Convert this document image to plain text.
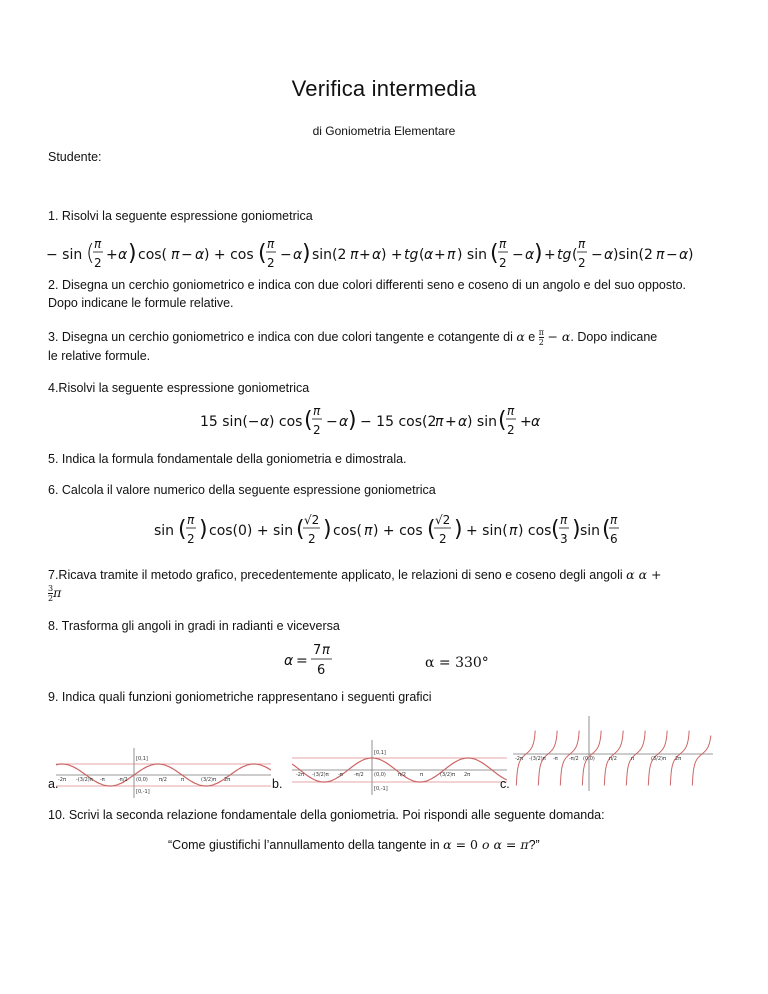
Verifica intermedia
di Goniometria Elementare
Studente:
1. Risolvi la seguente espressione goniometrica
− sin ( π
2 + α ) cos( π − α ) + cos ( π
2 − α ) sin(2 π + α ) + tg ( α + π ) sin ( π
2 − α ) + tg (
π
2 − α )sin(2 π − α )
2. Disegna un cerchio goniometrico e indica con due colori differenti seno e coseno di un angolo e del suo opposto. Dopo indicane le formule relative.
3. Disegna un cerchio goniometrico e indica con due colori tangente e cotangente di α e $\frac{\pi}{2} - \alpha$. Dopo indicane
le relative formule.
4.Risolvi la seguente espressione goniometrica
15 sin(− α ) cos ( π
2 − α ) − 15 cos(2
π + α ) sin ( π
2 + α
5. Indica la formula fondamentale della goniometria e dimostrala.
6. Calcola il valore numerico della seguente espressione goniometrica
sin ( π
2 ) cos(0) + sin ( √2
2 ) cos( π ) + cos ( √2
2 ) + sin( π ) cos ( π
3 ) sin ( π
6
7.Ricava tramite il metodo grafico, precedentemente applicato, le relazioni di seno e coseno degli angoli α α +
$\frac{3}{2}$ π
8. Trasforma gli angoli in gradi in radianti e viceversa
α =
7 π
6	α = 330°
9. Indica quali funzioni goniometriche rappresentano i seguenti grafici
-2π -(3/2)π -π	-π/2 (0,0) π/2	π	(3/2)π 2π
[0,1]
[0,-1]
a.
-2π -(3/2)π -π -π/2 (0,0) π/2	π	(3/2)π 2π
[0,1]
[0,-1]
b.
-2π -(3/2)π -π -π/2 (0,0)	π/2	π	(3/2)π 2π
c.
10. Scrivi la seconda relazione fondamentale della goniometria. Poi rispondi alle seguente domanda:
“Come giustifichi l’annullamento della tangente in α = 0 o α = π?”
